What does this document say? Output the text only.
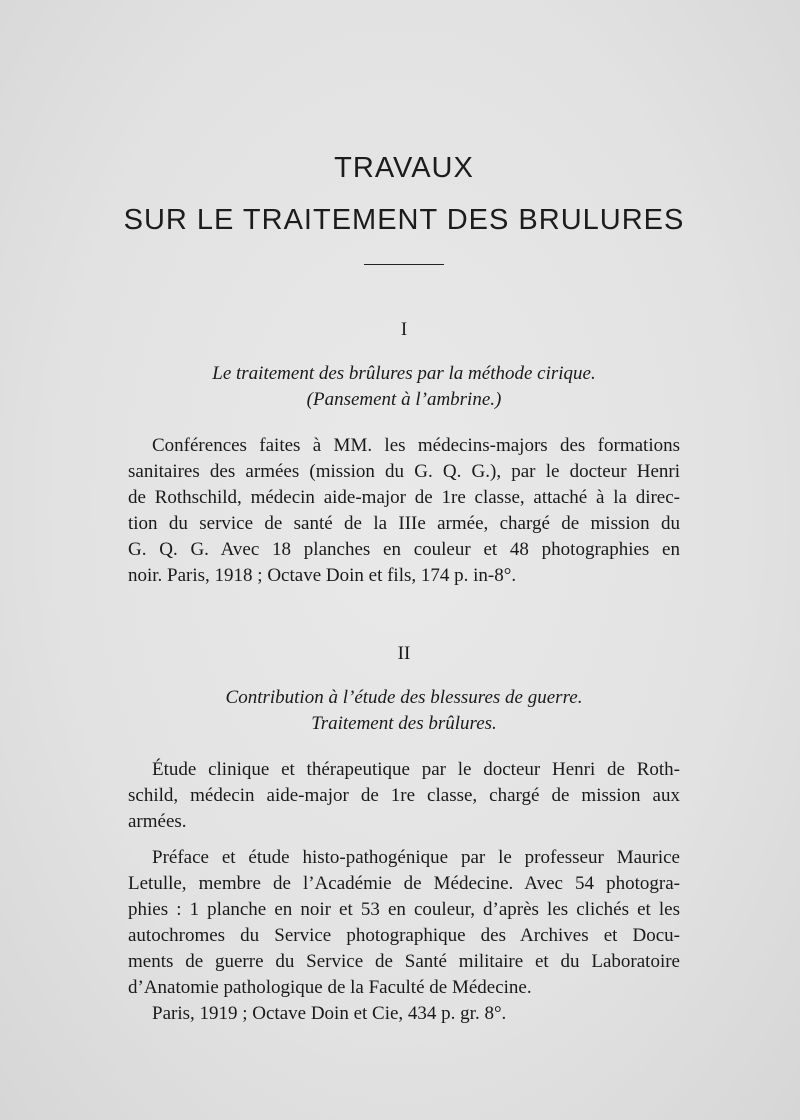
TRAVAUX
SUR LE TRAITEMENT DES BRULURES

I

Le traitement des brûlures par la méthode cirique.
(Pansement à l’ambrine.)
Conférences faites à MM. les médecins-majors des formations
sanitaires des armées (mission du G. Q. G.), par le docteur Henri
de Rothschild, médecin aide-major de 1re classe, attaché à la direc-
tion du service de santé de la IIIe armée, chargé de mission du
G. Q. G. Avec 18 planches en couleur et 48 photographies en
noir. Paris, 1918 ; Octave Doin et fils, 174 p. in-8°.

II

Contribution à l’étude des blessures de guerre.
Traitement des brûlures.
Étude clinique et thérapeutique par le docteur Henri de Roth-
schild, médecin aide-major de 1re classe, chargé de mission aux
armées.
Préface et étude histo-pathogénique par le professeur Maurice
Letulle, membre de l’Académie de Médecine. Avec 54 photogra-
phies : 1 planche en noir et 53 en couleur, d’après les clichés et les
autochromes du Service photographique des Archives et Docu-
ments de guerre du Service de Santé militaire et du Laboratoire
d’Anatomie pathologique de la Faculté de Médecine.
Paris, 1919 ; Octave Doin et Cie, 434 p. gr. 8°.
